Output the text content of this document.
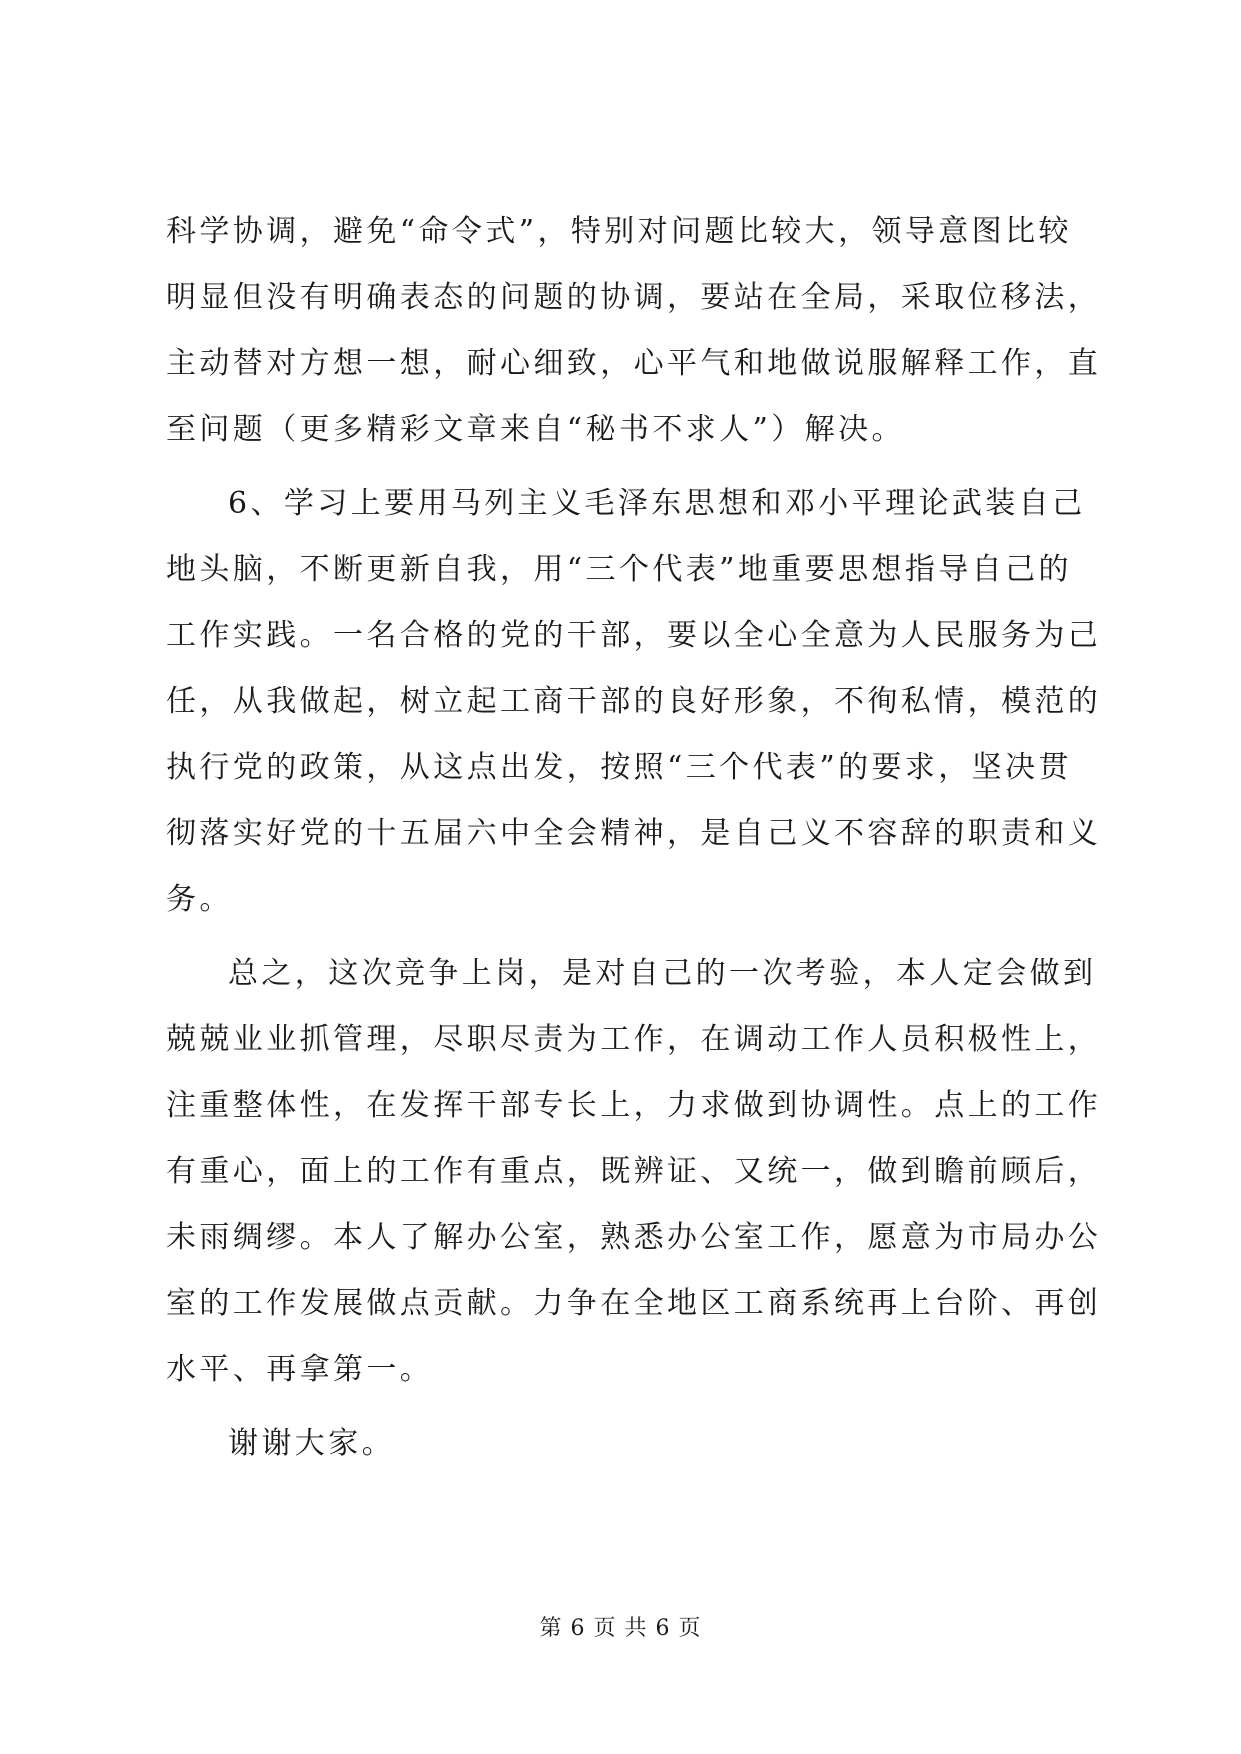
科学协调，避免“命令式”，特别对问题比较大，领导意图比较
明显但没有明确表态的问题的协调，要站在全局，采取位移法，
主动替对方想一想，耐心细致，心平气和地做说服解释工作，直
至问题（更多精彩文章来自“秘书不求人”）解决。
6、学习上要用马列主义毛泽东思想和邓小平理论武装自己
地头脑，不断更新自我，用“三个代表”地重要思想指导自己的
工作实践。一名合格的党的干部，要以全心全意为人民服务为己
任，从我做起，树立起工商干部的良好形象，不徇私情，模范的
执行党的政策，从这点出发，按照“三个代表”的要求，坚决贯
彻落实好党的十五届六中全会精神，是自己义不容辞的职责和义
务。
总之，这次竞争上岗，是对自己的一次考验，本人定会做到
兢兢业业抓管理，尽职尽责为工作，在调动工作人员积极性上，
注重整体性，在发挥干部专长上，力求做到协调性。点上的工作
有重心，面上的工作有重点，既辨证、又统一，做到瞻前顾后，
未雨绸缪。本人了解办公室，熟悉办公室工作，愿意为市局办公
室的工作发展做点贡献。力争在全地区工商系统再上台阶、再创
水平、再拿第一。
谢谢大家。
第 6 页 共 6 页
